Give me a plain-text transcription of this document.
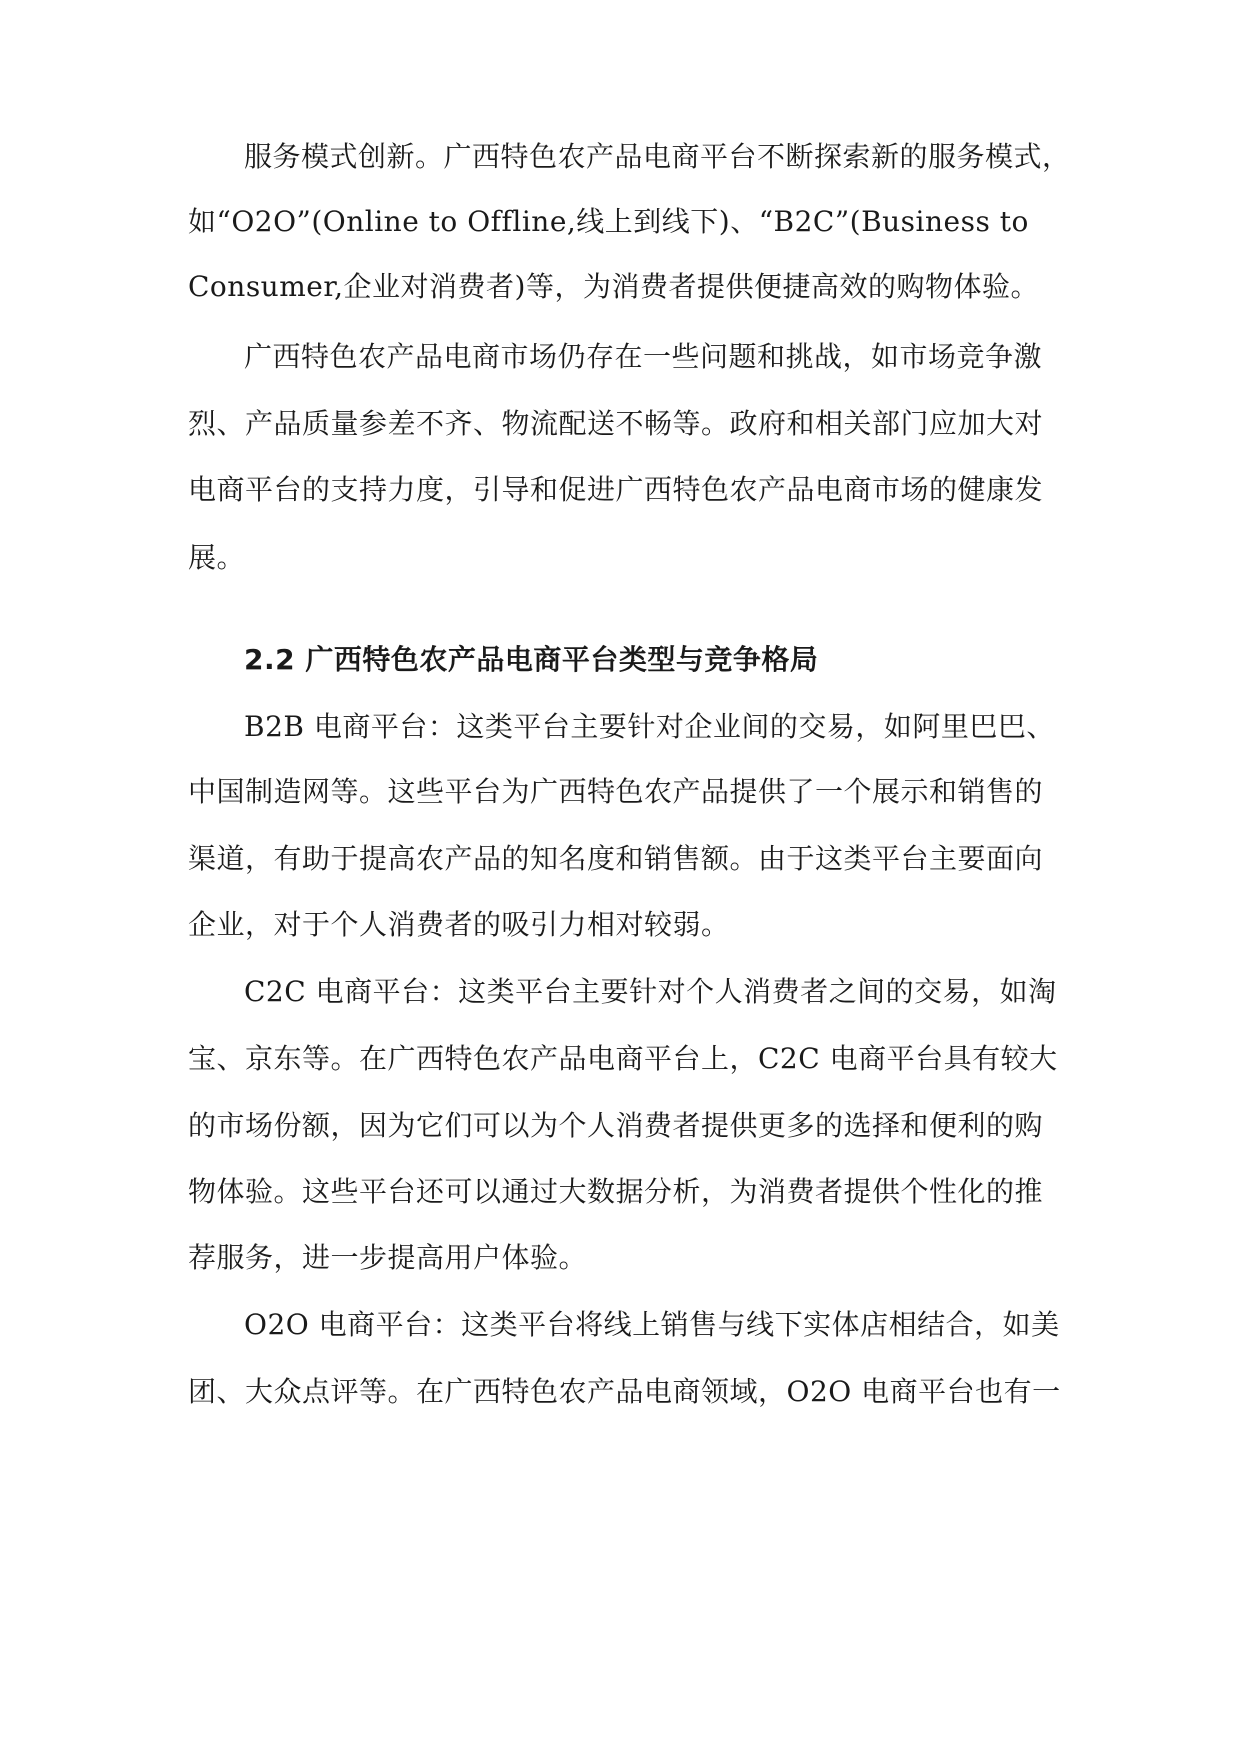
服务模式创新。广西特色农产品电商平台不断探索新的服务模式，
如“O2O”(Online to Offline,线上到线下)、“B2C”(Business to
Consumer,企业对消费者)等，为消费者提供便捷高效的购物体验。
广西特色农产品电商市场仍存在一些问题和挑战，如市场竞争激
烈、产品质量参差不齐、物流配送不畅等。政府和相关部门应加大对
电商平台的支持力度，引导和促进广西特色农产品电商市场的健康发
展。
2.2 广西特色农产品电商平台类型与竞争格局
B2B 电商平台：这类平台主要针对企业间的交易，如阿里巴巴、
中国制造网等。这些平台为广西特色农产品提供了一个展示和销售的
渠道，有助于提高农产品的知名度和销售额。由于这类平台主要面向
企业，对于个人消费者的吸引力相对较弱。
C2C 电商平台：这类平台主要针对个人消费者之间的交易，如淘
宝、京东等。在广西特色农产品电商平台上，C2C 电商平台具有较大
的市场份额，因为它们可以为个人消费者提供更多的选择和便利的购
物体验。这些平台还可以通过大数据分析，为消费者提供个性化的推
荐服务，进一步提高用户体验。
O2O 电商平台：这类平台将线上销售与线下实体店相结合，如美
团、大众点评等。在广西特色农产品电商领域，O2O 电商平台也有一
